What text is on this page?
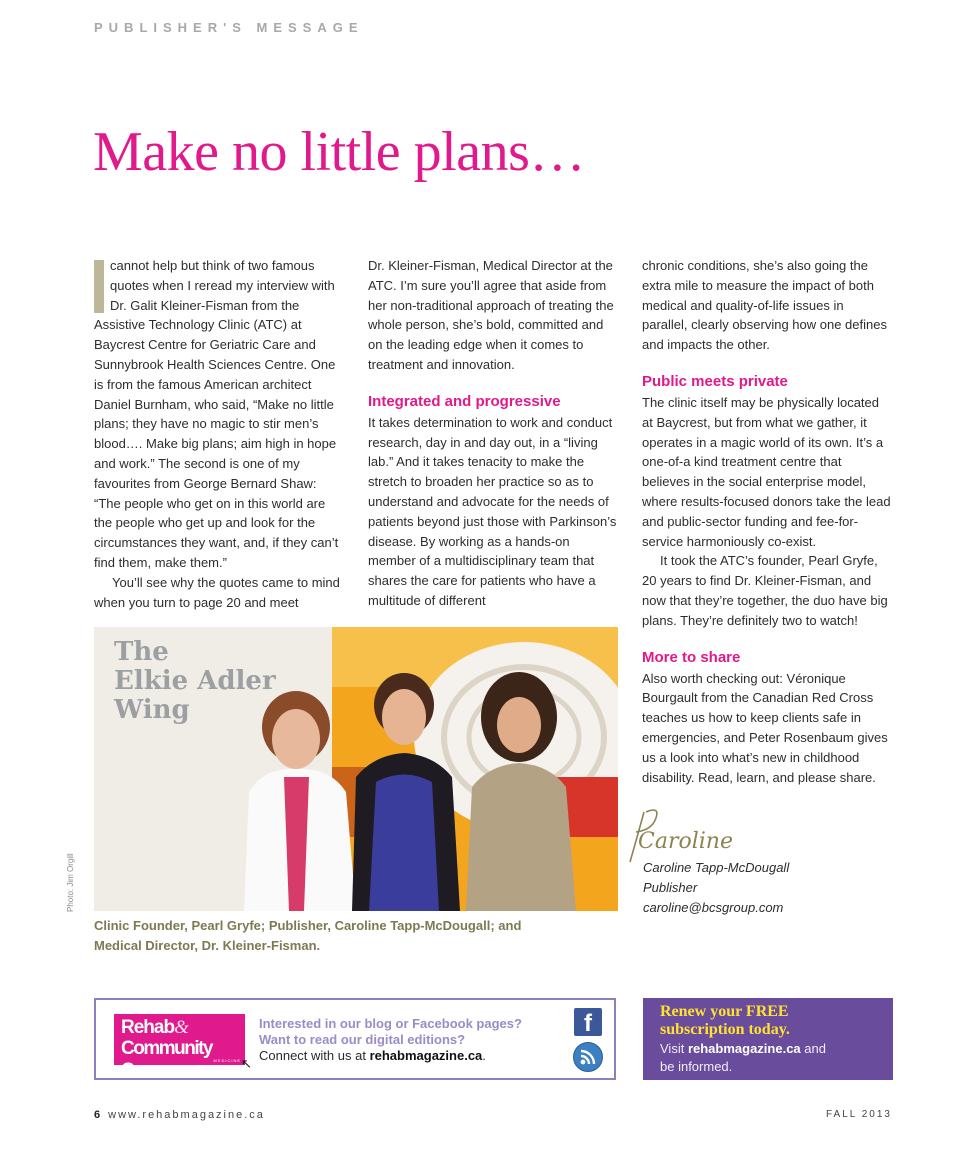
PUBLISHER'S MESSAGE
Make no little plans…

cannot help but think of two famous quotes when I reread my interview with Dr. Galit Kleiner-Fisman from the Assistive Technology Clinic (ATC) at Baycrest Centre for Geriatric Care and Sunnybrook Health Sciences Centre. One is from the famous American architect Daniel Burnham, who said, “Make no little plans; they have no magic to stir men’s blood…. Make big plans; aim high in hope and work.” The second is one of my favourites from George Bernard Shaw: “The people who get on in this world are the people who get up and look for the circumstances they want, and, if they can’t find them, make them.”

You’ll see why the quotes came to mind when you turn to page 20 and meet

Dr. Kleiner-Fisman, Medical Director at the ATC. I’m sure you’ll agree that aside from her non-traditional approach of treating the whole person, she’s bold, committed and on the leading edge when it comes to treatment and innovation.

Integrated and progressive

It takes determination to work and conduct research, day in and day out, in a “living lab.” And it takes tenacity to make the stretch to broaden her practice so as to understand and advocate for the needs of patients beyond just those with Parkinson’s disease. By working as a hands-on member of a multidisciplinary team that shares the care for patients who have a multitude of different

chronic conditions, she’s also going the extra mile to measure the impact of both medical and quality-of-life issues in parallel, clearly observing how one defines and impacts the other.

Public meets private

The clinic itself may be physically located at Baycrest, but from what we gather, it operates in a magic world of its own. It’s a one-of-a kind treatment centre that believes in the social enterprise model, where results-focused donors take the lead and public-sector funding and fee-for-service harmoniously co-exist.

It took the ATC’s founder, Pearl Gryfe, 20 years to find Dr. Kleiner-Fisman, and now that they’re together, the duo have big plans. They’re definitely two to watch!

More to share

Also worth checking out: Véronique Bourgault from the Canadian Red Cross teaches us how to keep clients safe in emergencies, and Peter Rosenbaum gives us a look into what’s new in childhood disability. Read, learn, and please share.

The
Elkie Adler
Wing
Photo: Jim Orgill
Clinic Founder, Pearl Gryfe; Publisher, Caroline Tapp-McDougall; and Medical Director, Dr. Kleiner-Fisman.
Caroline
Caroline Tapp-McDougall
Publisher
caroline@bcsgroup.com
Rehab&
Community Care	MEDICINE ↖
Interested in our blog or Facebook pages?
Want to read our digital editions?
Connect with us at rehabmagazine.ca.
f	Renew your FREE
subscription today.
Visit rehabmagazine.ca and
be informed.
6 www.rehabmagazine.ca	FALL 2013
